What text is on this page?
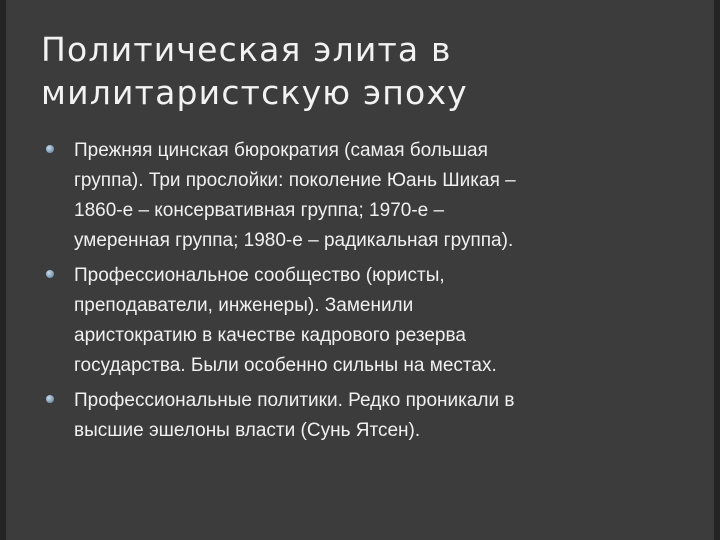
Политическая элита в
милитаристскую эпоху
Прежняя цинская бюрократия (самая большая
группа). Три прослойки: поколение Юань Шикая –
1860-е – консервативная группа; 1970-е –
умеренная группа; 1980-е – радикальная группа).
Профессиональное сообщество (юристы,
преподаватели, инженеры). Заменили
аристократию в качестве кадрового резерва
государства. Были особенно сильны на местах.
Профессиональные политики. Редко проникали в
высшие эшелоны власти (Сунь Ятсен).
